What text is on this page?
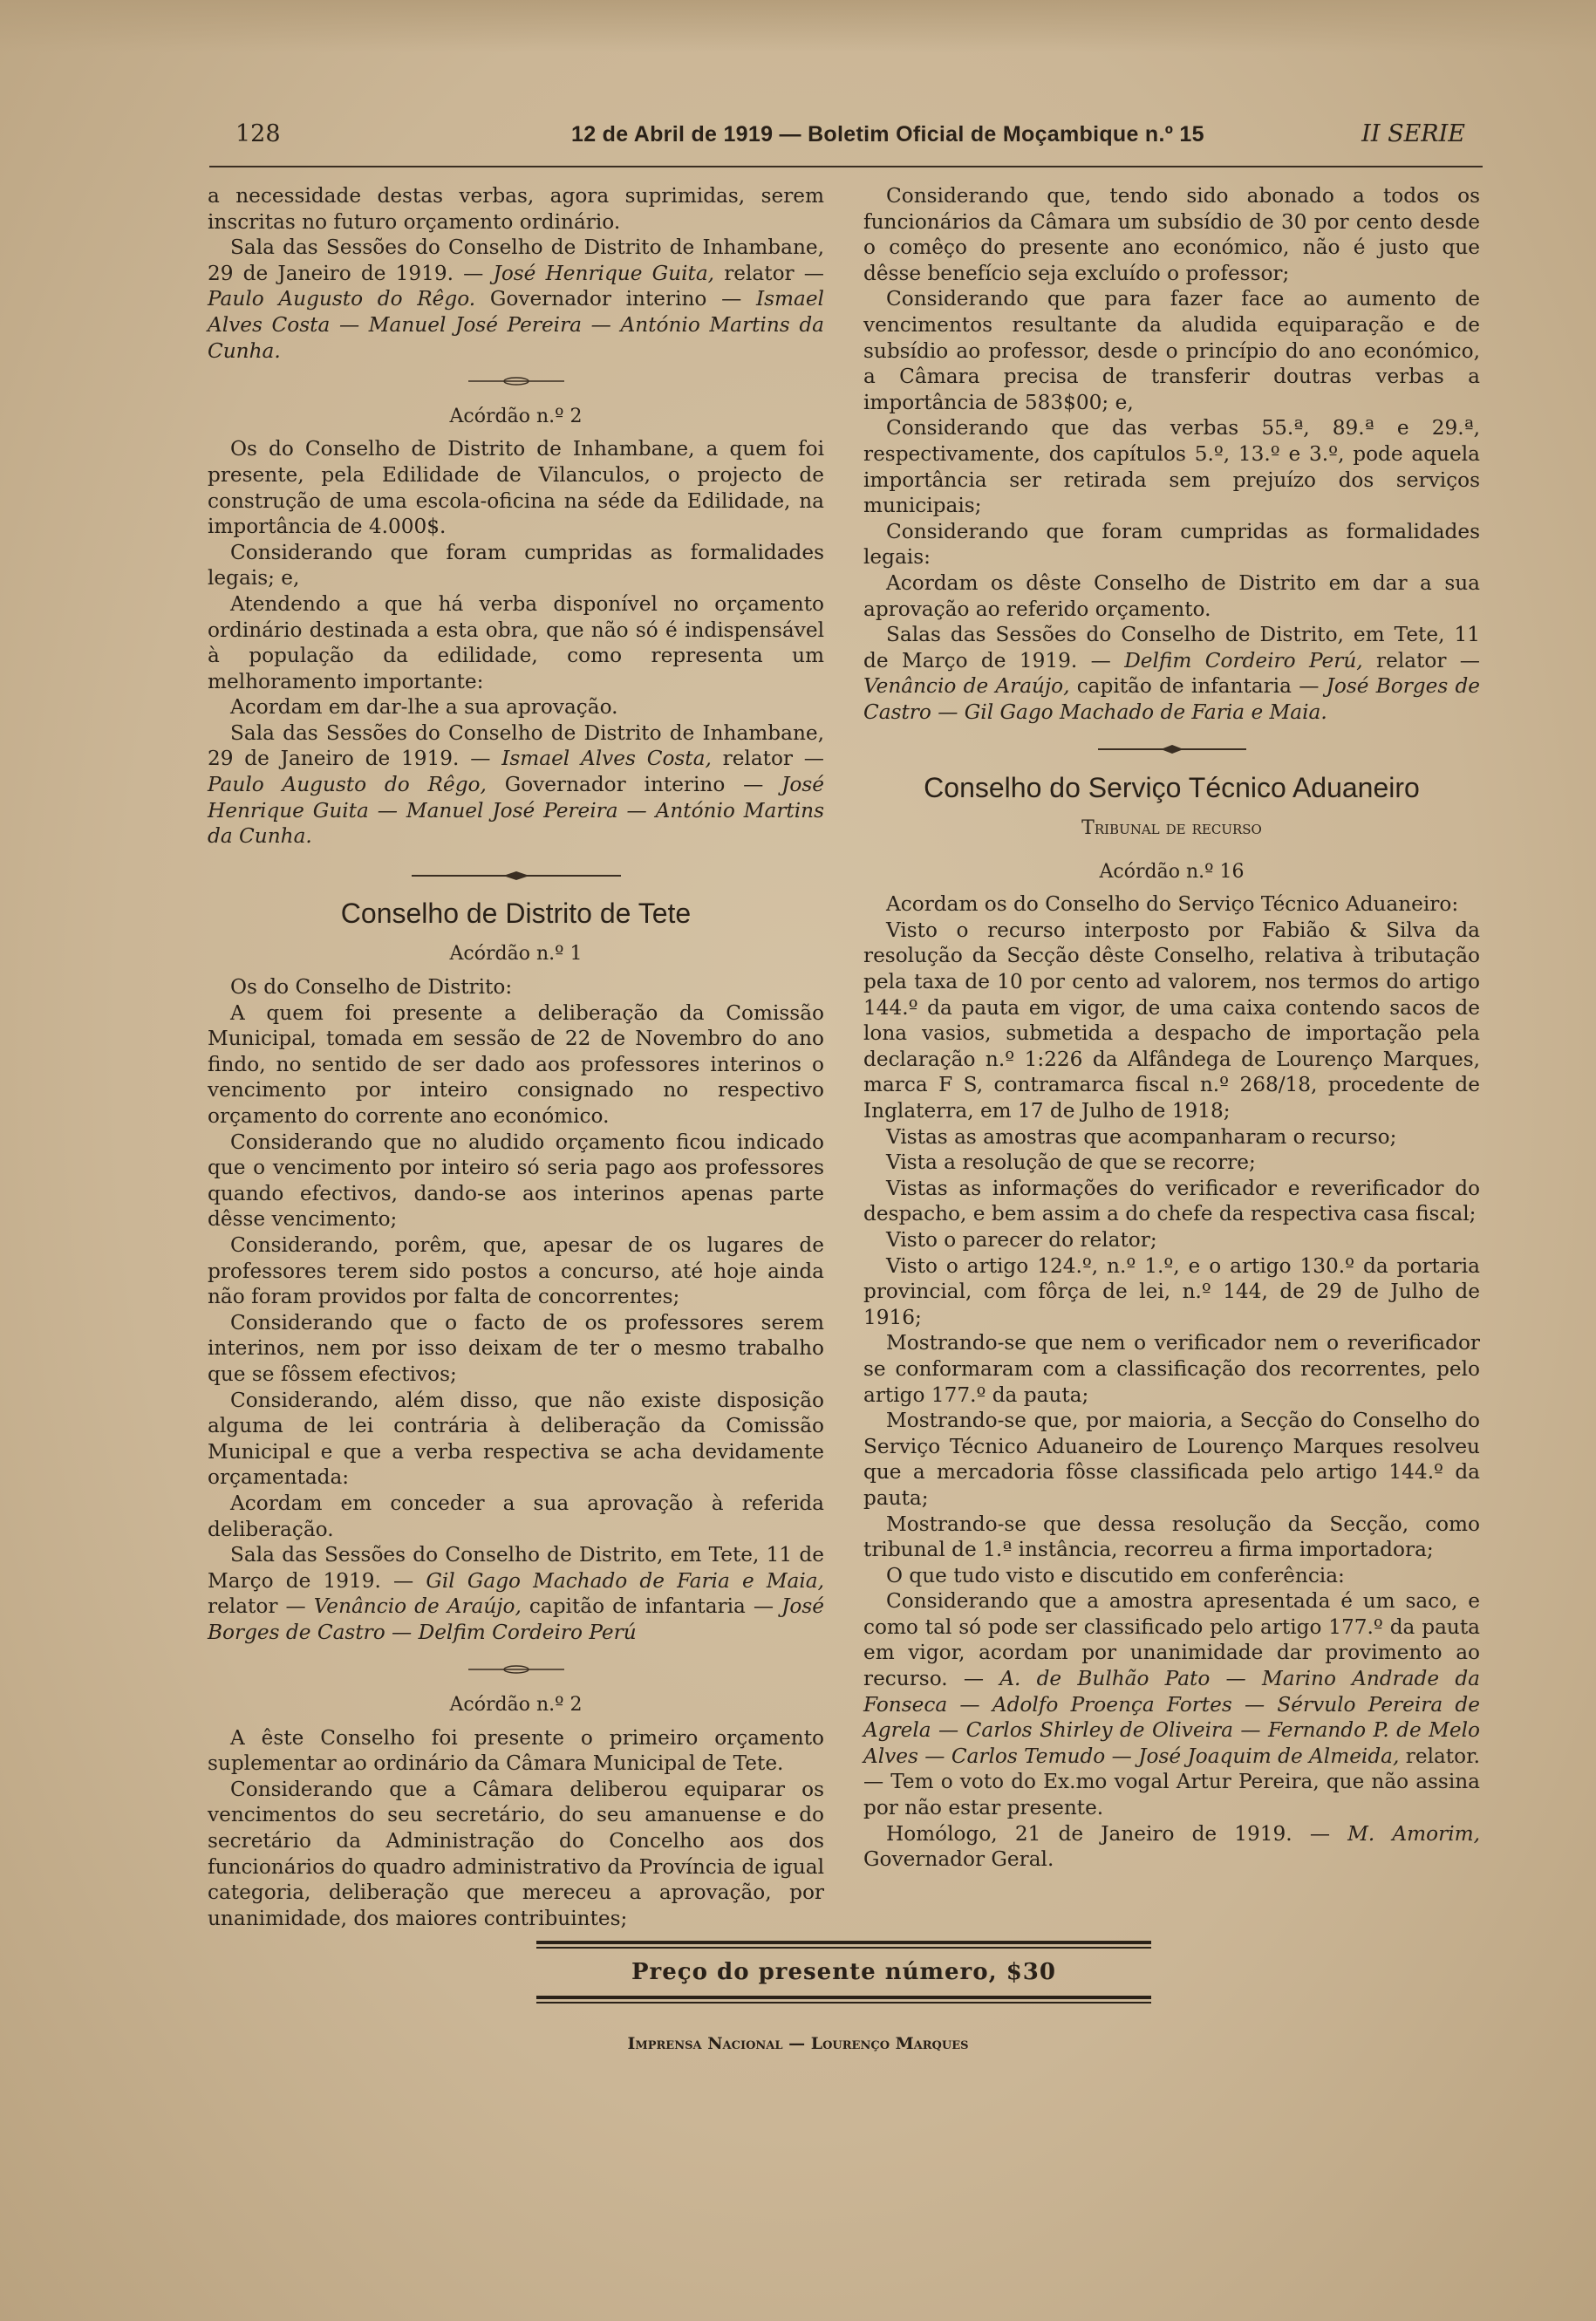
128	12 de Abril de 1919 — Boletim Oficial de Moçambique n.º 15	II SERIE

a necessidade destas verbas, agora suprimidas, serem inscritas no futuro orçamento ordinário.

Sala das Sessões do Conselho de Distrito de Inhambane, 29 de Janeiro de 1919. — José Henrique Guita, relator — Paulo Augusto do Rêgo. Governador interino — Ismael Alves Costa — Manuel José Pereira — António Martins da Cunha.

Acórdão n.º 2

Os do Conselho de Distrito de Inhambane, a quem foi presente, pela Edilidade de Vilanculos, o projecto de construção de uma escola-oficina na séde da Edilidade, na importância de 4.000$.

Considerando que foram cumpridas as formalidades legais; e,

Atendendo a que há verba disponível no orçamento ordinário destinada a esta obra, que não só é indispensável à população da edilidade, como representa um melhoramento importante:

Acordam em dar-lhe a sua aprovação.

Sala das Sessões do Conselho de Distrito de Inhambane, 29 de Janeiro de 1919. — Ismael Alves Costa, relator — Paulo Augusto do Rêgo, Governador interino — José Henrique Guita — Manuel José Pereira — António Martins da Cunha.

Conselho de Distrito de Tete

Acórdão n.º 1

Os do Conselho de Distrito:

A quem foi presente a deliberação da Comissão Municipal, tomada em sessão de 22 de Novembro do ano findo, no sentido de ser dado aos professores interinos o vencimento por inteiro consignado no respectivo orçamento do corrente ano económico.

Considerando que no aludido orçamento ficou indicado que o vencimento por inteiro só seria pago aos professores quando efectivos, dando-se aos interinos apenas parte dêsse vencimento;

Considerando, porêm, que, apesar de os lugares de professores terem sido postos a concurso, até hoje ainda não foram providos por falta de concorrentes;

Considerando que o facto de os professores serem interinos, nem por isso deixam de ter o mesmo trabalho que se fôssem efectivos;

Considerando, além disso, que não existe disposição alguma de lei contrária à deliberação da Comissão Municipal e que a verba respectiva se acha devidamente orçamentada:

Acordam em conceder a sua aprovação à referida deliberação.

Sala das Sessões do Conselho de Distrito, em Tete, 11 de Março de 1919. — Gil Gago Machado de Faria e Maia, relator — Venâncio de Araújo, capitão de infantaria — José Borges de Castro — Delfim Cordeiro Perú

Acórdão n.º 2

A êste Conselho foi presente o primeiro orçamento suplementar ao ordinário da Câmara Municipal de Tete.

Considerando que a Câmara deliberou equiparar os vencimentos do seu secretário, do seu amanuense e do secretário da Administração do Concelho aos dos funcionários do quadro administrativo da Província de igual categoria, deliberação que mereceu a aprovação, por unanimidade, dos maiores contribuintes;

Considerando que, tendo sido abonado a todos os funcionários da Câmara um subsídio de 30 por cento desde o comêço do presente ano económico, não é justo que dêsse benefício seja excluído o professor;

Considerando que para fazer face ao aumento de vencimentos resultante da aludida equiparação e de subsídio ao professor, desde o princípio do ano económico, a Câmara precisa de transferir doutras verbas a importância de 583$00; e,

Considerando que das verbas 55.ª, 89.ª e 29.ª, respectivamente, dos capítulos 5.º, 13.º e 3.º, pode aquela importância ser retirada sem prejuízo dos serviços municipais;

Considerando que foram cumpridas as formalidades legais:

Acordam os dêste Conselho de Distrito em dar a sua aprovação ao referido orçamento.

Salas das Sessões do Conselho de Distrito, em Tete, 11 de Março de 1919. — Delfim Cordeiro Perú, relator — Venâncio de Araújo, capitão de infantaria — José Borges de Castro — Gil Gago Machado de Faria e Maia.

Conselho do Serviço Técnico Aduaneiro

Tribunal de recurso

Acórdão n.º 16

Acordam os do Conselho do Serviço Técnico Aduaneiro:

Visto o recurso interposto por Fabião & Silva da resolução da Secção dêste Conselho, relativa à tributação pela taxa de 10 por cento ad valorem, nos termos do artigo 144.º da pauta em vigor, de uma caixa contendo sacos de lona vasios, submetida a despacho de importação pela declaração n.º 1:226 da Alfândega de Lourenço Marques, marca F S, contramarca fiscal n.º 268/18, procedente de Inglaterra, em 17 de Julho de 1918;

Vistas as amostras que acompanharam o recurso;

Vista a resolução de que se recorre;

Vistas as informações do verificador e reverificador do despacho, e bem assim a do chefe da respectiva casa fiscal;

Visto o parecer do relator;

Visto o artigo 124.º, n.º 1.º, e o artigo 130.º da portaria provincial, com fôrça de lei, n.º 144, de 29 de Julho de 1916;

Mostrando-se que nem o verificador nem o reverificador se conformaram com a classificação dos recorrentes, pelo artigo 177.º da pauta;

Mostrando-se que, por maioria, a Secção do Conselho do Serviço Técnico Aduaneiro de Lourenço Marques resolveu que a mercadoria fôsse classificada pelo artigo 144.º da pauta;

Mostrando-se que dessa resolução da Secção, como tribunal de 1.ª instância, recorreu a firma importadora;

O que tudo visto e discutido em conferência:

Considerando que a amostra apresentada é um saco, e como tal só pode ser classificado pelo artigo 177.º da pauta em vigor, acordam por unanimidade dar provimento ao recurso. — A. de Bulhão Pato — Marino Andrade da Fonseca — Adolfo Proença Fortes — Sérvulo Pereira de Agrela — Carlos Shirley de Oliveira — Fernando P. de Melo Alves — Carlos Temudo — José Joaquim de Almeida, relator. — Tem o voto do Ex.mo vogal Artur Pereira, que não assina por não estar presente.

Homólogo, 21 de Janeiro de 1919. — M. Amorim, Governador Geral.

Preço do presente número, $30
Imprensa Nacional — Lourenço Marques
